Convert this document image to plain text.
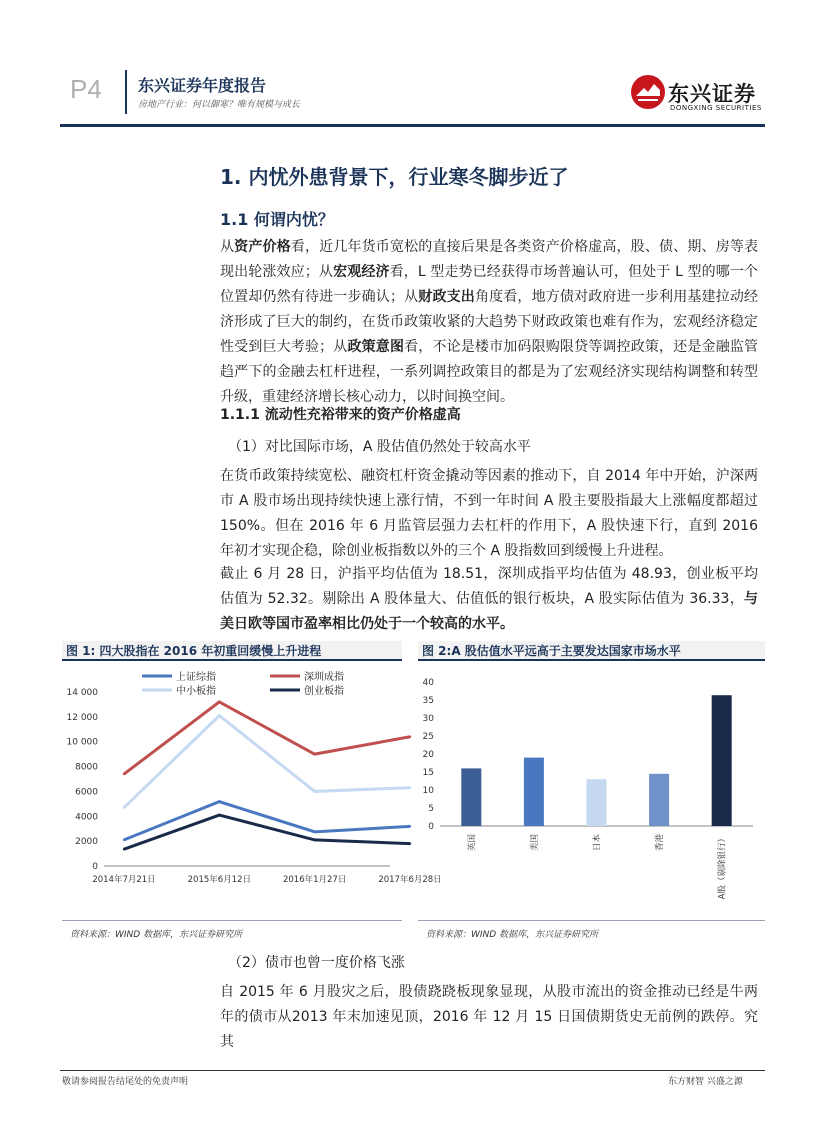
P4 东兴证券年度报告
房地产行业：何以御寒？唯有规模与成长	东兴证券
DONGXING SECURITIES
1. 内忧外患背景下，行业寒冬脚步近了
1.1 何谓内忧？
从资产价格看，近几年货币宽松的直接后果是各类资产价格虚高，股、债、期、房等表现出轮涨效应；从宏观经济看，L 型走势已经获得市场普遍认可，但处于 L 型的哪一个位置却仍然有待进一步确认；从财政支出角度看，地方债对政府进一步利用基建拉动经济形成了巨大的制约，在货币政策收紧的大趋势下财政政策也难有作为，宏观经济稳定性受到巨大考验；从政策意图看，不论是楼市加码限购限贷等调控政策，还是金融监管趋严下的金融去杠杆进程，一系列调控政策目的都是为了宏观经济实现结构调整和转型升级，重建经济增长核心动力，以时间换空间。
1.1.1 流动性充裕带来的资产价格虚高
（1）对比国际市场，A 股估值仍然处于较高水平
在货币政策持续宽松、融资杠杆资金撬动等因素的推动下，自 2014 年中开始，沪深两市 A 股市场出现持续快速上涨行情，不到一年时间 A 股主要股指最大上涨幅度都超过 150%。但在 2016 年 6 月监管层强力去杠杆的作用下，A 股快速下行，直到 2016 年初才实现企稳，除创业板指数以外的三个 A 股指数回到缓慢上升进程。
截止 6 月 28 日，沪指平均估值为 18.51，深圳成指平均估值为 48.93，创业板平均估值为 52.32。剔除出 A 股体量大、估值低的银行板块，A 股实际估值为 36.33，与美日欧等国市盈率相比仍处于一个较高的水平。
图 1: 四大股指在 2016 年初重回缓慢上升进程
0
2000
4000
6000
8000
10 000
12 000
14 000
2014年7月21日	2015年6月12日	2016年1月27日	2017年6月28日
上证综指	深圳成指
中小板指	创业板指
资料来源：WIND 数据库，东兴证券研究所
图 2:A 股估值水平远高于主要发达国家市场水平
0
5
10
15
20
25
30
35
40
英国	美国	日本	香港	A股（剔除银行）
资料来源：WIND 数据库，东兴证券研究所
（2）债市也曾一度价格飞涨
自 2015 年 6 月股灾之后，股债跷跷板现象显现，从股市流出的资金推动已经是牛两年的债市从2013 年末加速见顶，2016 年 12 月 15 日国债期货史无前例的跌停。究其
敬请参阅报告结尾处的免责声明	东方财智 兴盛之源
